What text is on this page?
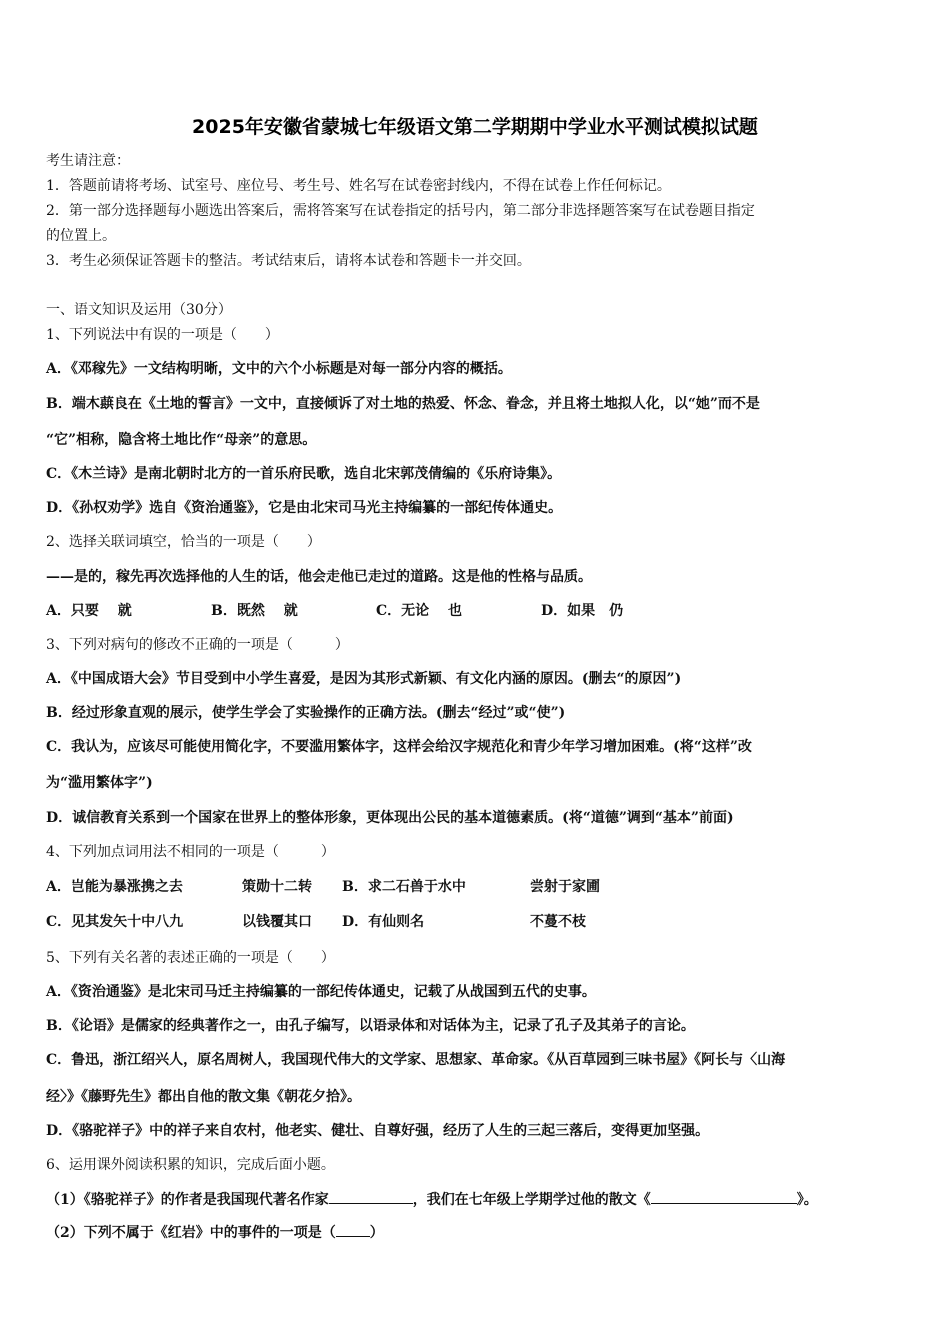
2025年安徽省蒙城七年级语文第二学期期中学业水平测试模拟试题
考生请注意：
1．答题前请将考场、试室号、座位号、考生号、姓名写在试卷密封线内，不得在试卷上作任何标记。
2．第一部分选择题每小题选出答案后，需将答案写在试卷指定的括号内，第二部分非选择题答案写在试卷题目指定
的位置上。
3．考生必须保证答题卡的整洁。考试结束后，请将本试卷和答题卡一并交回。
一、语文知识及运用（30分）
1、下列说法中有误的一项是（　　）
A．《邓稼先》一文结构明晰，文中的六个小标题是对每一部分内容的概括。
B．端木蕻良在《土地的誓言》一文中，直接倾诉了对土地的热爱、怀念、眷念，并且将土地拟人化，以“她”而不是
“它”相称，隐含将土地比作“母亲”的意思。
C．《木兰诗》是南北朝时北方的一首乐府民歌，选自北宋郭茂倩编的《乐府诗集》。
D．《孙权劝学》选自《资治通鉴》，它是由北宋司马光主持编纂的一部纪传体通史。
2、选择关联词填空，恰当的一项是（　　）
——是的，稼先再次选择他的人生的话，他会走他已走过的道路。这是他的性格与品质。
A．只要　 就	B．既然　 就	C．无论　 也	D．如果　仍
3、下列对病句的修改不正确的一项是（　　　）
A．《中国成语大会》节目受到中小学生喜爱，是因为其形式新颖、有文化内涵的原因。(删去“的原因”)
B．经过形象直观的展示，使学生学会了实验操作的正确方法。(删去“经过”或“使”)
C．我认为，应该尽可能使用简化字，不要滥用繁体字，这样会给汉字规范化和青少年学习增加困难。(将“这样”改
为“滥用繁体字”)
D．诚信教育关系到一个国家在世界上的整体形象，更体现出公民的基本道德素质。(将“道德”调到“基本”前面)
4、下列加点词用法不相同的一项是（　　　）
A．岂能为暴涨携之去	策勋十二转 B．求二石兽于水中	尝射于家圃
C．见其发矢十中八九	以钱覆其口 D．有仙则名	不蔓不枝
5、下列有关名著的表述正确的一项是（　　）
A．《资治通鉴》是北宋司马迁主持编纂的一部纪传体通史，记载了从战国到五代的史事。
B．《论语》是儒家的经典著作之一，由孔子编写，以语录体和对话体为主，记录了孔子及其弟子的言论。
C．鲁迅，浙江绍兴人，原名周树人，我国现代伟大的文学家、思想家、革命家。《从百草园到三味书屋》《阿长与〈山海
经〉》《藤野先生》都出自他的散文集《朝花夕拾》。
D．《骆驼祥子》中的祥子来自农村，他老实、健壮、自尊好强，经历了人生的三起三落后，变得更加坚强。
6、运用课外阅读积累的知识，完成后面小题。
（1）《骆驼祥子》的作者是我国现代著名作家	，我们在七年级上学期学过他的散文《	》。
（2）下列不属于《红岩》中的事件的一项是（ ）
